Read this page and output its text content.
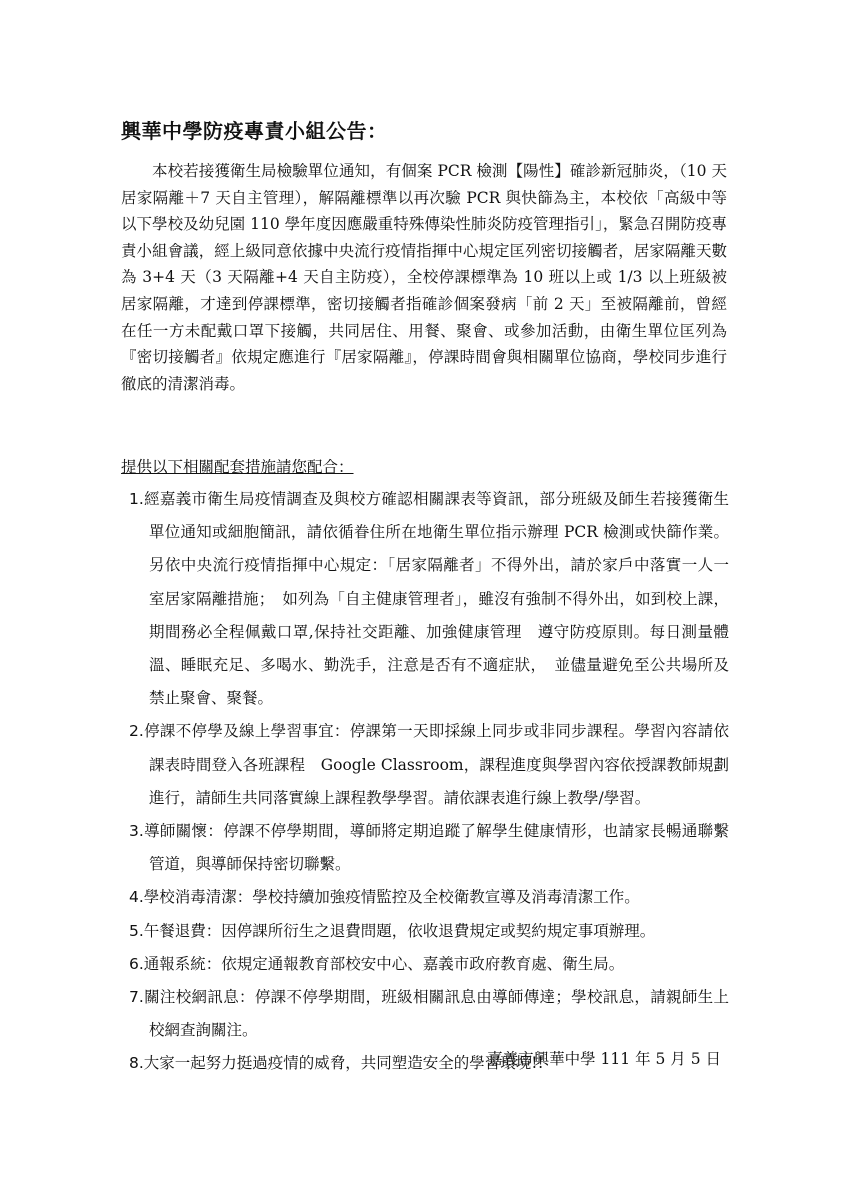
興華中學防疫專責小組公告：

本校若接獲衛生局檢驗單位通知，有個案 PCR 檢測【陽性】確診新冠肺炎，（10 天居家隔離＋7 天自主管理），解隔離標準以再次驗 PCR 與快篩為主，本校依「高級中等以下學校及幼兒園 110 學年度因應嚴重特殊傳染性肺炎防疫管理指引」，緊急召開防疫專責小組會議，經上級同意依據中央流行疫情指揮中心規定匡列密切接觸者，居家隔離天數為 3+4 天（3 天隔離+4 天自主防疫），全校停課標準為 10 班以上或 1/3 以上班級被居家隔離，才達到停課標準，密切接觸者指確診個案發病「前 2 天」至被隔離前，曾經在任一方未配戴口罩下接觸，共同居住、用餐、聚會、或參加活動，由衛生單位匡列為『密切接觸者』依規定應進行『居家隔離』，停課時間會與相關單位協商，學校同步進行徹底的清潔消毒。

提供以下相關配套措施請您配合：
1.經嘉義市衛生局疫情調查及與校方確認相關課表等資訊，部分班級及師生若接獲衛生單位通知或細胞簡訊，請依循眷住所在地衛生單位指示辦理 PCR 檢測或快篩作業。另依中央流行疫情指揮中心規定：「居家隔離者」不得外出，請於家戶中落實一人一室居家隔離措施；　如列為「自主健康管理者」，雖沒有強制不得外出，如到校上課，期間務必全程佩戴口罩,保持社交距離、加強健康管理　遵守防疫原則。每日測量體溫、睡眠充足、多喝水、勤洗手，注意是否有不適症狀，　並儘量避免至公共場所及禁止聚會、聚餐。
2.停課不停學及線上學習事宜：停課第一天即採線上同步或非同步課程。學習內容請依課表時間登入各班課程　Google Classroom，課程進度與學習內容依授課教師規劃進行，請師生共同落實線上課程教學學習。請依課表進行線上教學/學習。
3.導師關懷：停課不停學期間，導師將定期追蹤了解學生健康情形，也請家長暢通聯繫管道，與導師保持密切聯繫。
4.學校消毒清潔：學校持續加強疫情監控及全校衛教宣導及消毒清潔工作。
5.午餐退費：因停課所衍生之退費問題，依收退費規定或契約規定事項辦理。
6.通報系統：依規定通報教育部校安中心、嘉義市政府教育處、衛生局。
7.關注校網訊息：停課不停學期間，班級相關訊息由導師傳達；學校訊息，請親師生上校網查詢關注。
8.大家一起努力挺過疫情的威脅，共同塑造安全的學習環境!!
嘉義市興華中學 111 年 5 月 5 日
